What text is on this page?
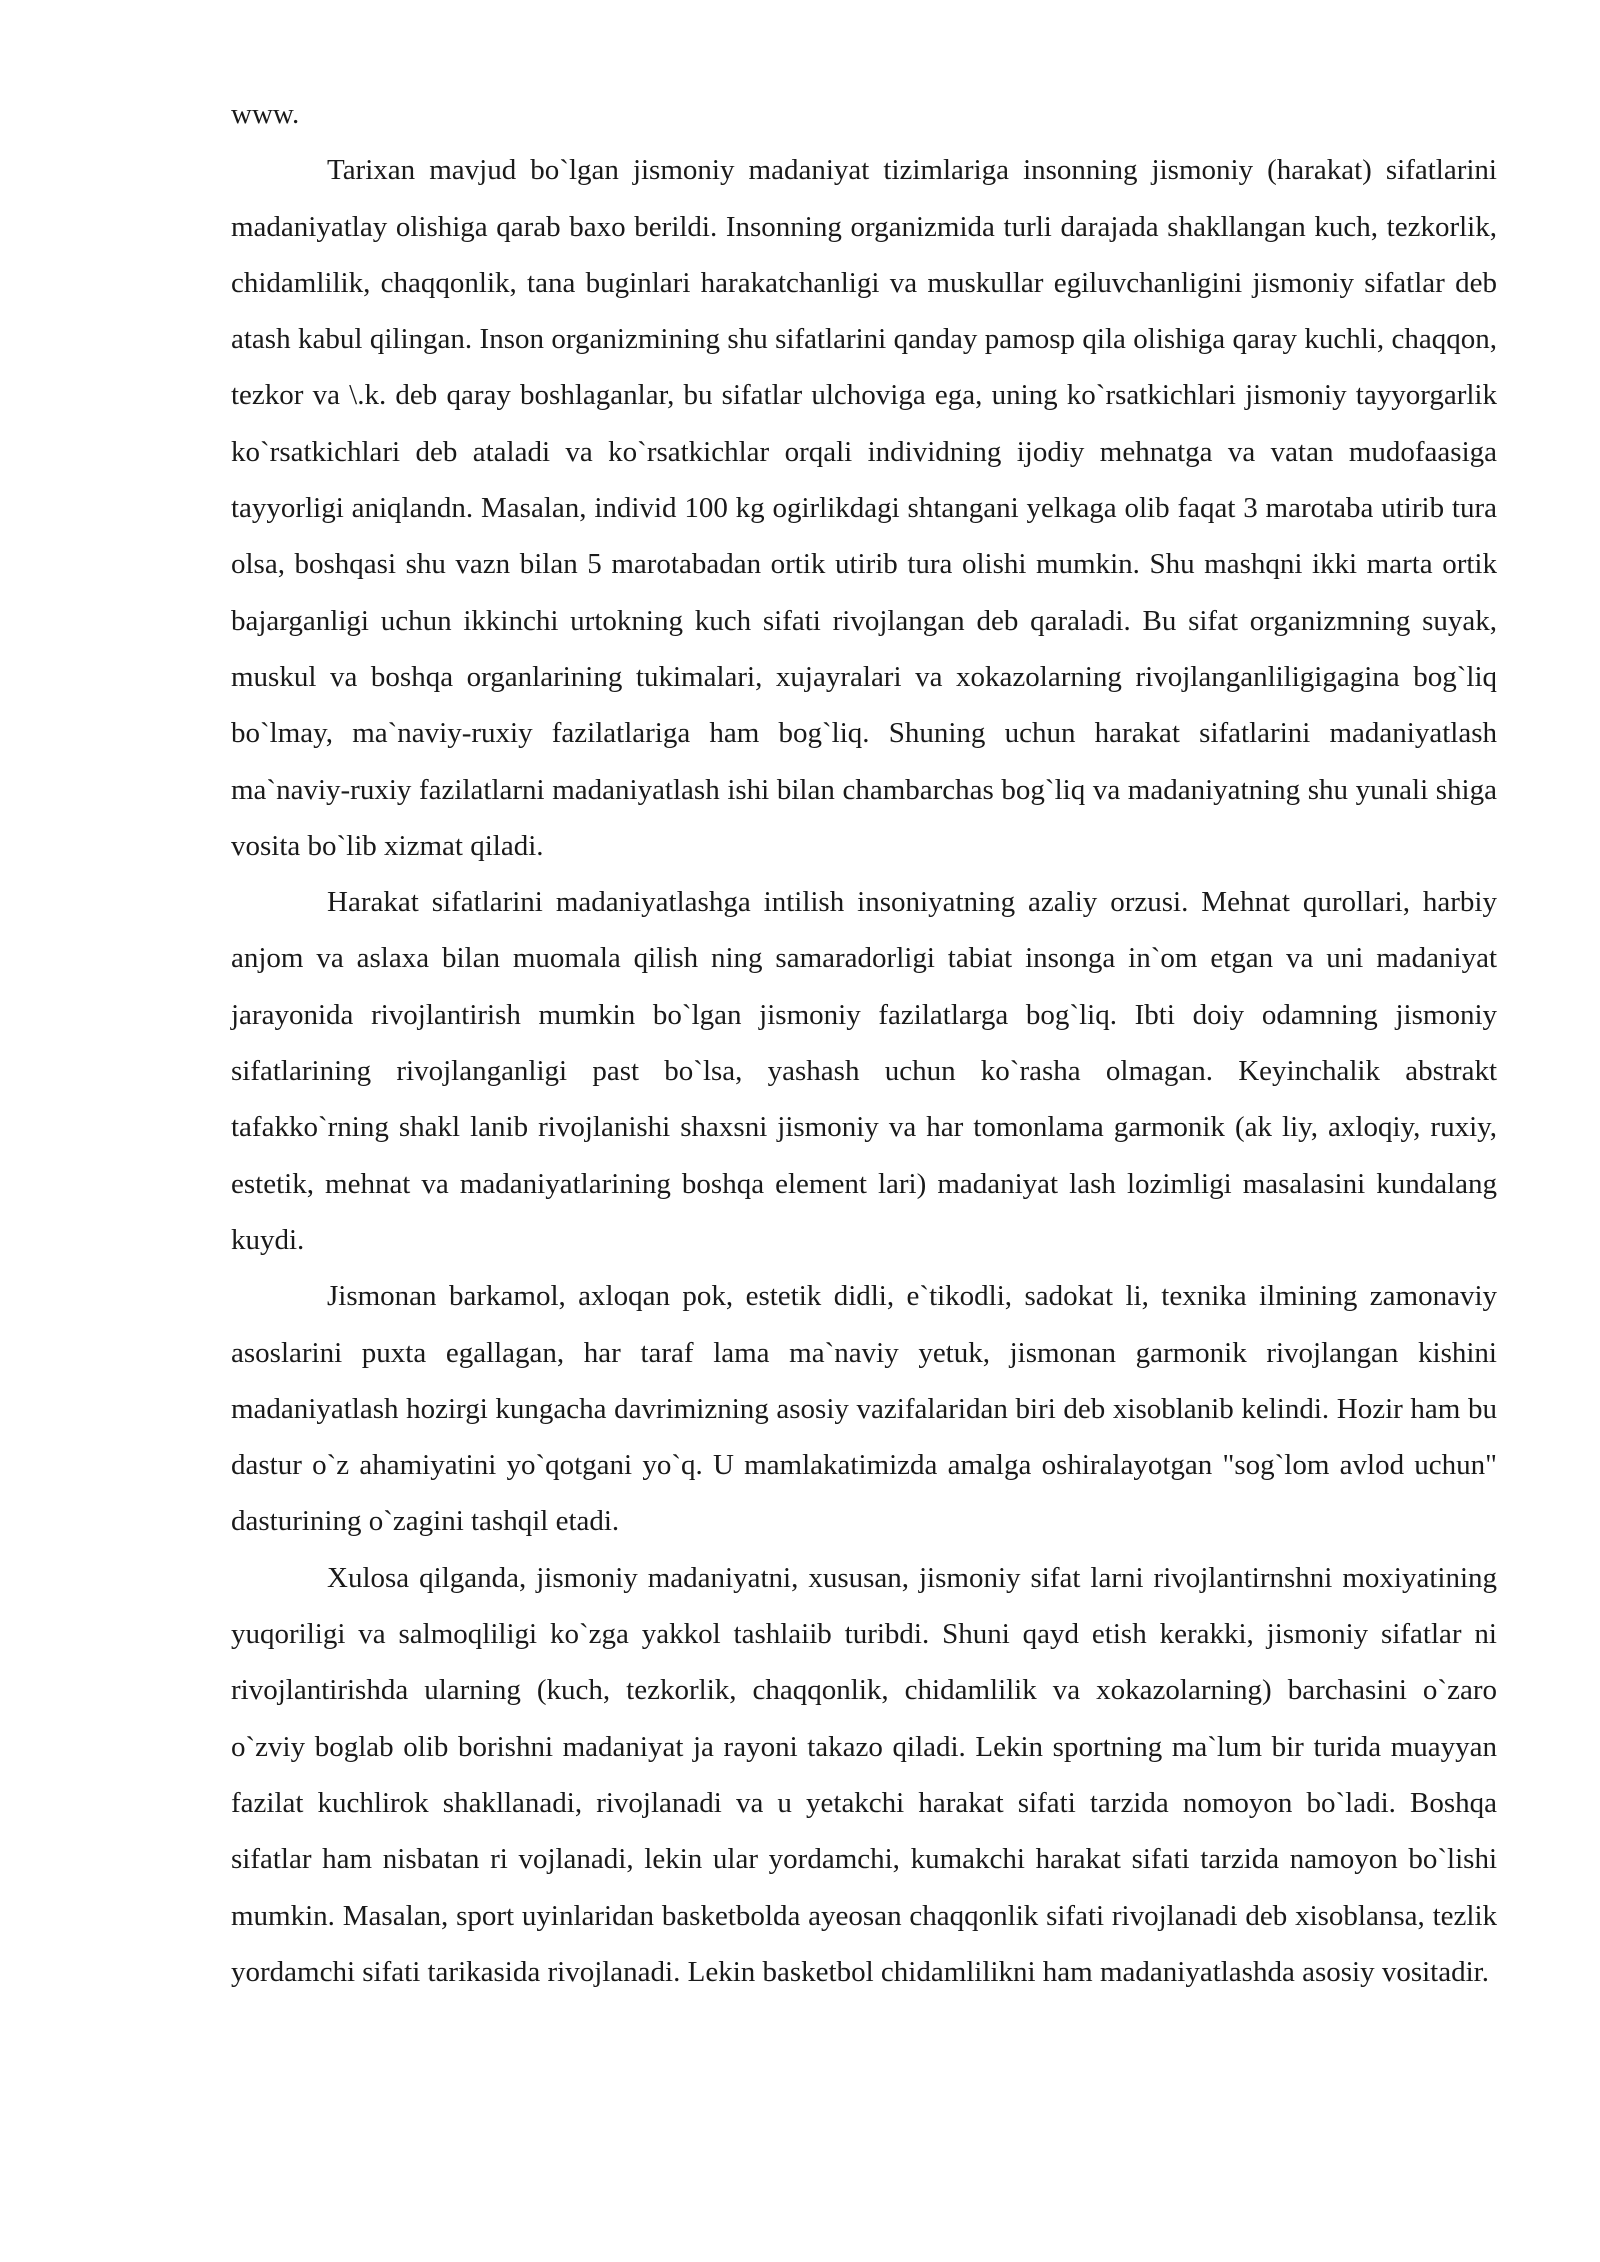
www.

Tarixan mavjud bo`lgan jismoniy madaniyat tizimlariga insonning jismoniy (harakat) sifatlarini madaniyatlay olishiga qarab baxo berildi. Insonning organizmida turli darajada shakllangan kuch, tezkorlik, chidamlilik, chaqqonlik, tana buginlari harakatchanligi va muskullar egiluvchanligini jismoniy sifatlar deb atash kabul qilingan. Inson organizmining shu sifatlarini qanday pamosp qila olishiga qaray kuchli, chaqqon, tezkor va \.k. deb qaray boshlaganlar, bu sifatlar ulchoviga ega, uning ko`rsatkichlari jismoniy tayyorgarlik ko`rsatkichlari deb ataladi va ko`rsatkichlar orqali individning ijodiy mehnatga va vatan mudofaasiga tayyorligi aniqlandn. Masalan, individ 100 kg ogirlikdagi shtangani yelkaga olib faqat 3 marotaba utirib tura olsa, boshqasi shu vazn bilan 5 marotabadan ortik utirib tura olishi mumkin. Shu mashqni ikki marta ortik bajarganligi uchun ikkinchi urtokning kuch sifati rivojlangan deb qaraladi. Bu sifat organizmning suyak, muskul va boshqa organlarining tukimalari, xujayralari va xokazolarning rivojlanganliligigagina bog`liq bo`lmay, ma`naviy-ruxiy fazilatlariga ham bog`liq. Shuning uchun harakat sifatlarini madaniyatlash ma`naviy-ruxiy fazilatlarni madaniyatlash ishi bilan chambarchas bog`liq va madaniyatning shu yunali shiga vosita bo`lib xizmat qiladi.

Harakat sifatlarini madaniyatlashga intilish insoniyatning azaliy orzusi. Mehnat qurollari, harbiy anjom va aslaxa bilan muomala qilish ning samaradorligi tabiat insonga in`om etgan va uni madaniyat jarayonida rivojlantirish mumkin bo`lgan jismoniy fazilatlarga bog`liq. Ibti doiy odamning jismoniy sifatlarining rivojlanganligi past bo`lsa, yashash uchun ko`rasha olmagan. Keyinchalik abstrakt tafakko`rning shakl lanib rivojlanishi shaxsni jismoniy va har tomonlama garmonik (ak liy, axloqiy, ruxiy, estetik, mehnat va madaniyatlarining boshqa element lari) madaniyat lash lozimligi masalasini kundalang kuydi.

Jismonan barkamol, axloqan pok, estetik didli, e`tikodli, sadokat li, texnika ilmining zamonaviy asoslarini puxta egallagan, har taraf lama ma`naviy yetuk, jismonan garmonik rivojlangan kishini madaniyatlash hozirgi kungacha davrimizning asosiy vazifalaridan biri deb xisoblanib kelindi. Hozir ham bu dastur o`z ahamiyatini yo`qotgani yo`q. U mamlakatimizda amalga oshiralayotgan "sog`lom avlod uchun" dasturining o`zagini tashqil etadi.

Xulosa qilganda, jismoniy madaniyatni, xususan, jismoniy sifat larni rivojlantirnshni moxiyatining yuqoriligi va salmoqliligi ko`zga yakkol tashlaiib turibdi. Shuni qayd etish kerakki, jismoniy sifatlar ni rivojlantirishda ularning (kuch, tezkorlik, chaqqonlik, chidamlilik va xokazolarning) barchasini o`zaro o`zviy boglab olib borishni madaniyat ja rayoni takazo qiladi. Lekin sportning ma`lum bir turida muayyan fazilat kuchlirok shakllanadi, rivojlanadi va u yetakchi harakat sifati tarzida nomoyon bo`ladi. Boshqa sifatlar ham nisbatan ri vojlanadi, lekin ular yordamchi, kumakchi harakat sifati tarzida namoyon bo`lishi mumkin. Masalan, sport uyinlaridan basketbolda ayeosan chaqqonlik sifati rivojlanadi deb xisoblansa, tezlik yordamchi sifati tarikasida rivojlanadi. Lekin basketbol chidamlilikni ham madaniyatlashda asosiy vositadir.
